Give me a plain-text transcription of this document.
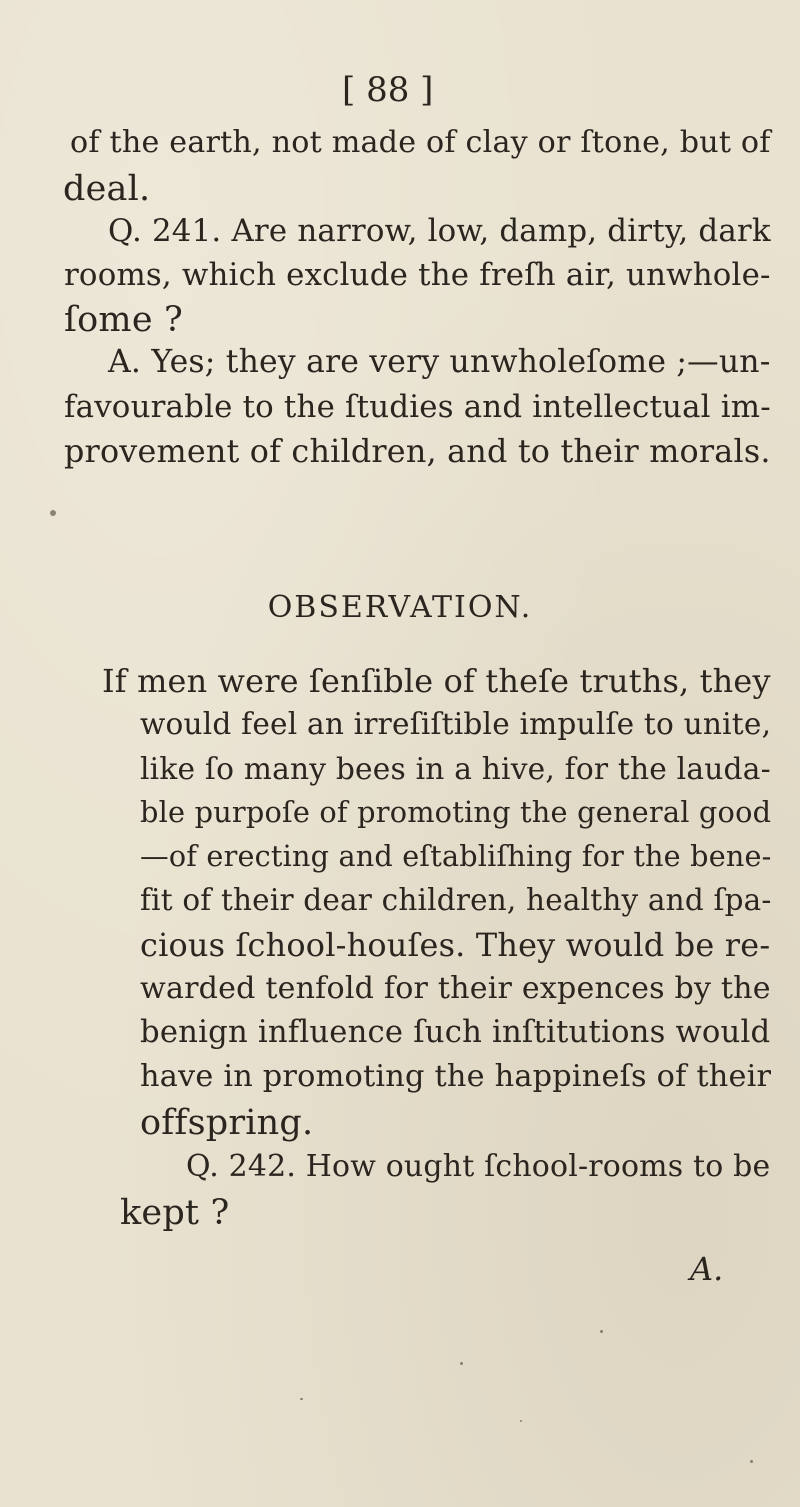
[ 88 ]
of the earth, not made of clay or ſtone, but of
deal.
Q. 241. Are narrow, low, damp, dirty, dark
rooms, which exclude the freſh air, unwhole-
ſome ?
A. Yes; they are very unwholeſome ;—un-
favourable to the ſtudies and intellectual im-
provement of children, and to their morals.
OBSERVATION.
If men were ſenſible of theſe truths, they
would feel an irreſiſtible impulſe to unite,
like ſo many bees in a hive, for the lauda-
ble purpoſe of promoting the general good
—of erecting and eſtabliſhing for the bene-
fit of their dear children, healthy and ſpa-
cious ſchool-houſes. They would be re-
warded tenfold for their expences by the
benign influence ſuch inſtitutions would
have in promoting the happineſs of their
offspring.
Q. 242. How ought ſchool-rooms to be
kept ?
A.
